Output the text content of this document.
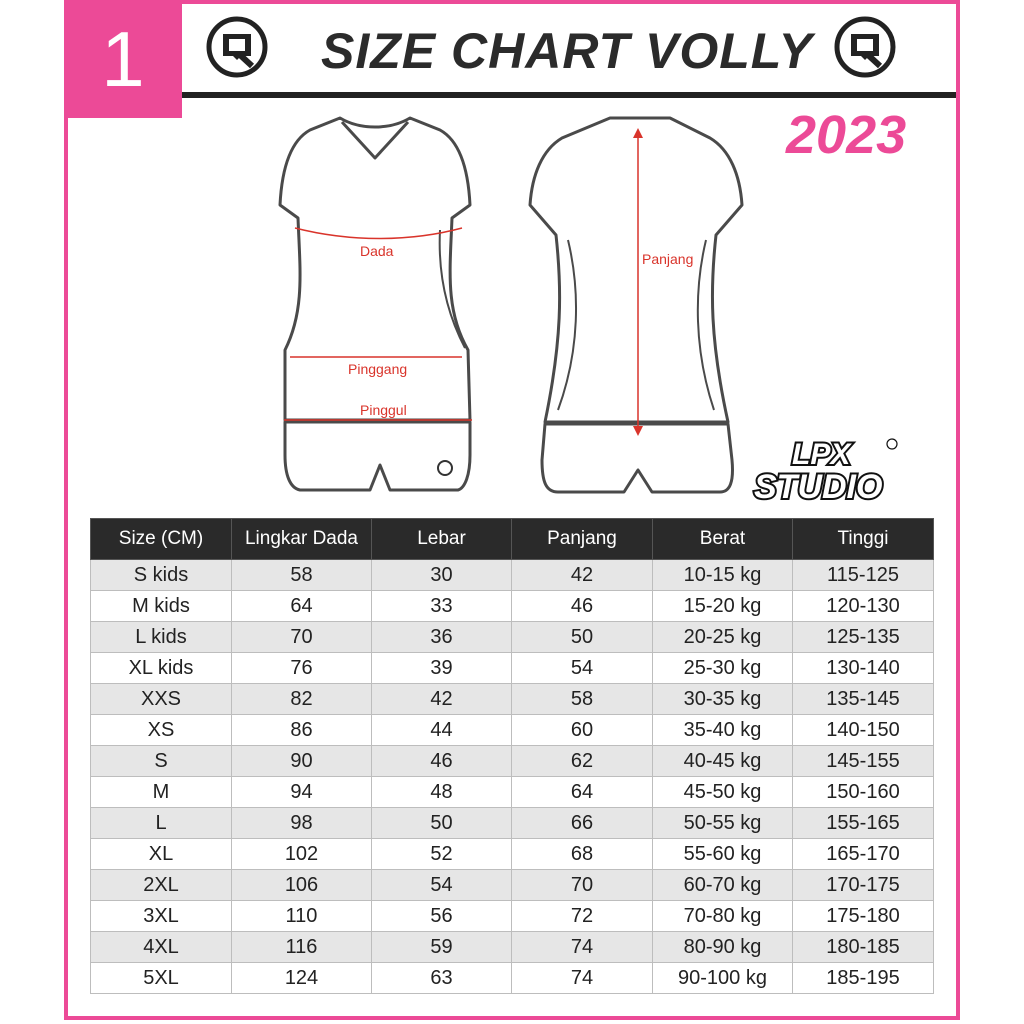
1	SIZE CHART VOLLY
2023
Dada
Pinggang
Pinggul
Panjang
LPX
STUDIO
Size (CM)	Lingkar Dada	Lebar	Panjang	Berat	Tinggi
S kids	58	30	42	10-15 kg	115-125
M kids	64	33	46	15-20 kg	120-130
L kids	70	36	50	20-25 kg	125-135
XL kids	76	39	54	25-30 kg	130-140
XXS	82	42	58	30-35 kg	135-145
XS	86	44	60	35-40 kg	140-150
S	90	46	62	40-45 kg	145-155
M	94	48	64	45-50 kg	150-160
L	98	50	66	50-55 kg	155-165
XL	102	52	68	55-60 kg	165-170
2XL	106	54	70	60-70 kg	170-175
3XL	110	56	72	70-80 kg	175-180
4XL	116	59	74	80-90 kg	180-185
5XL	124	63	74	90-100 kg	185-195
